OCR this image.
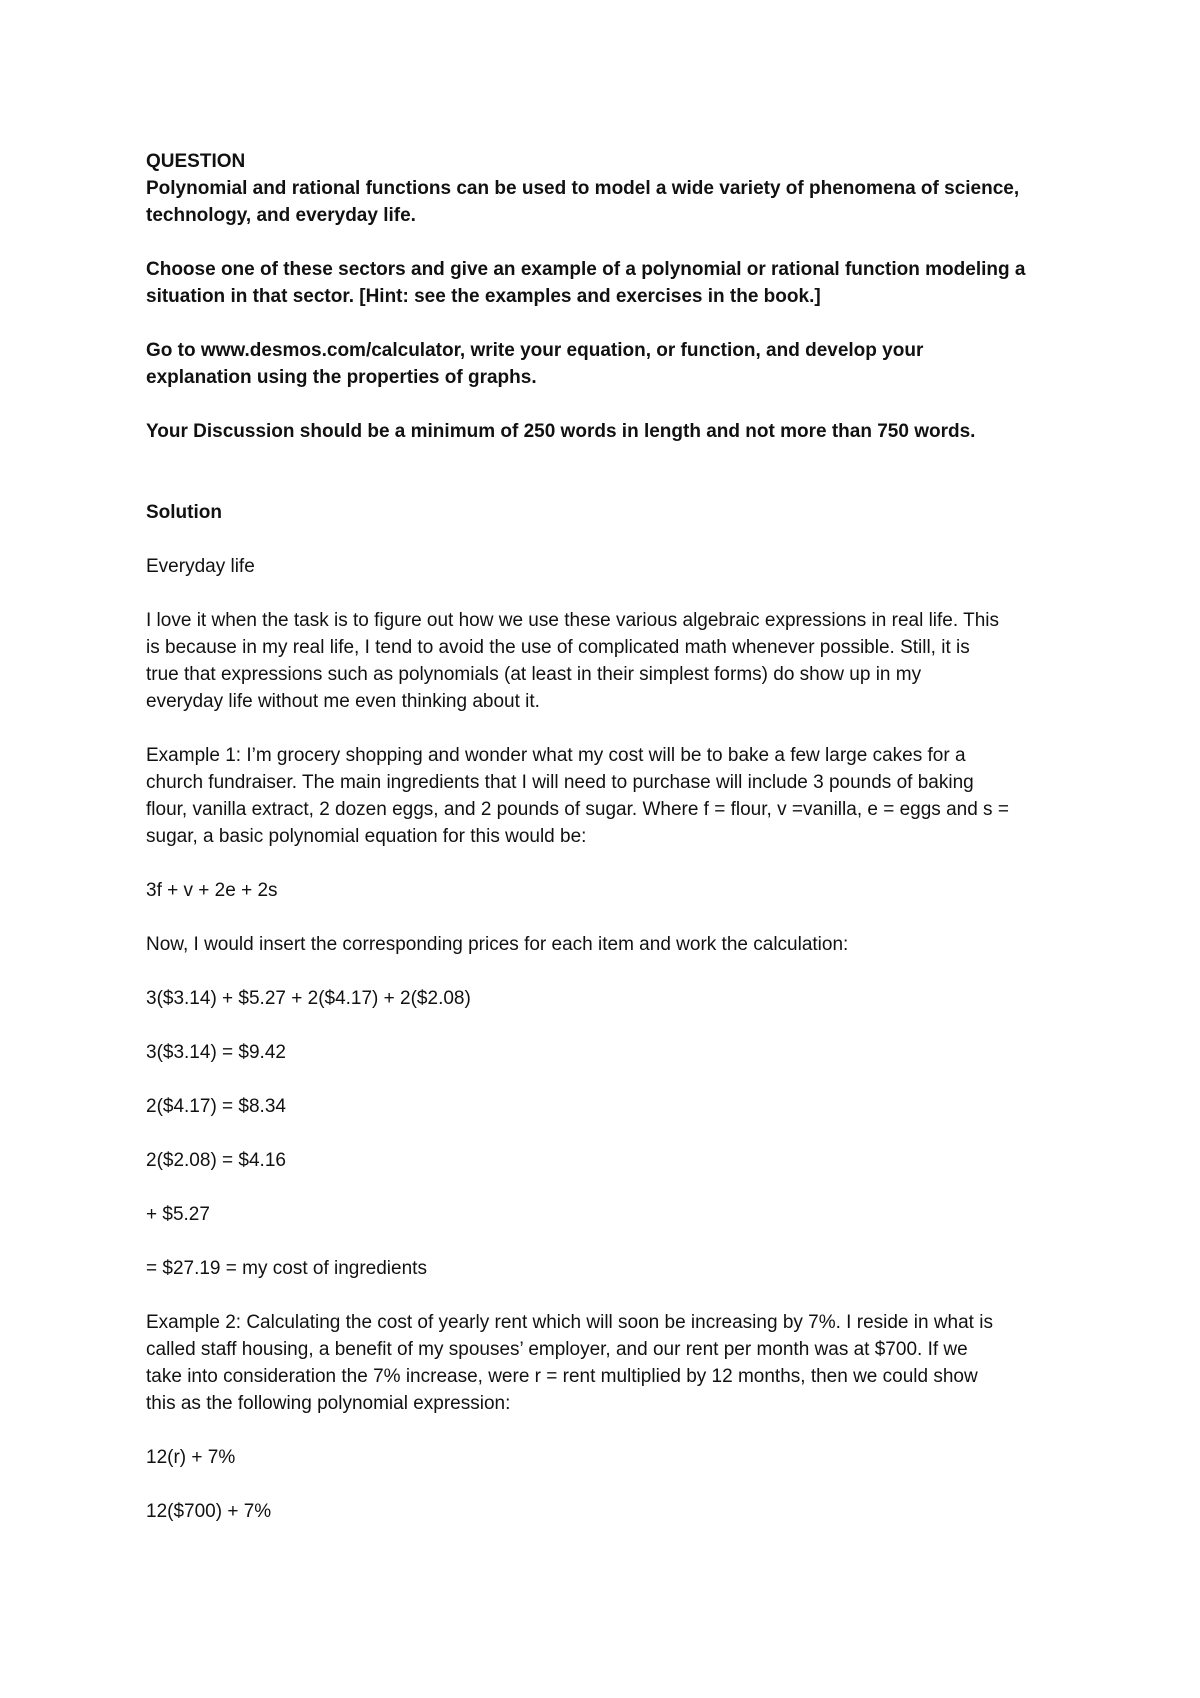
QUESTION

Polynomial and rational functions can be used to model a wide variety of phenomena of science,

technology, and everyday life.

Choose one of these sectors and give an example of a polynomial or rational function modeling a

situation in that sector. [Hint: see the examples and exercises in the book.]

Go to www.desmos.com/calculator, write your equation, or function, and develop your

explanation using the properties of graphs.

Your Discussion should be a minimum of 250 words in length and not more than 750 words.

Solution

Everyday life

I love it when the task is to figure out how we use these various algebraic expressions in real life. This

is because in my real life, I tend to avoid the use of complicated math whenever possible. Still, it is

true that expressions such as polynomials (at least in their simplest forms) do show up in my

everyday life without me even thinking about it.

Example 1: I’m grocery shopping and wonder what my cost will be to bake a few large cakes for a

church fundraiser. The main ingredients that I will need to purchase will include 3 pounds of baking

flour, vanilla extract, 2 dozen eggs, and 2 pounds of sugar. Where f = flour, v =vanilla, e = eggs and s =

sugar, a basic polynomial equation for this would be:

3f + v + 2e + 2s

Now, I would insert the corresponding prices for each item and work the calculation:

3($3.14) + $5.27 + 2($4.17) + 2($2.08)

3($3.14) = $9.42

2($4.17) = $8.34

2($2.08) = $4.16

+ $5.27

= $27.19 = my cost of ingredients

Example 2: Calculating the cost of yearly rent which will soon be increasing by 7%. I reside in what is

called staff housing, a benefit of my spouses’ employer, and our rent per month was at $700. If we

take into consideration the 7% increase, were r = rent multiplied by 12 months, then we could show

this as the following polynomial expression:

12(r) + 7%

12($700) + 7%
